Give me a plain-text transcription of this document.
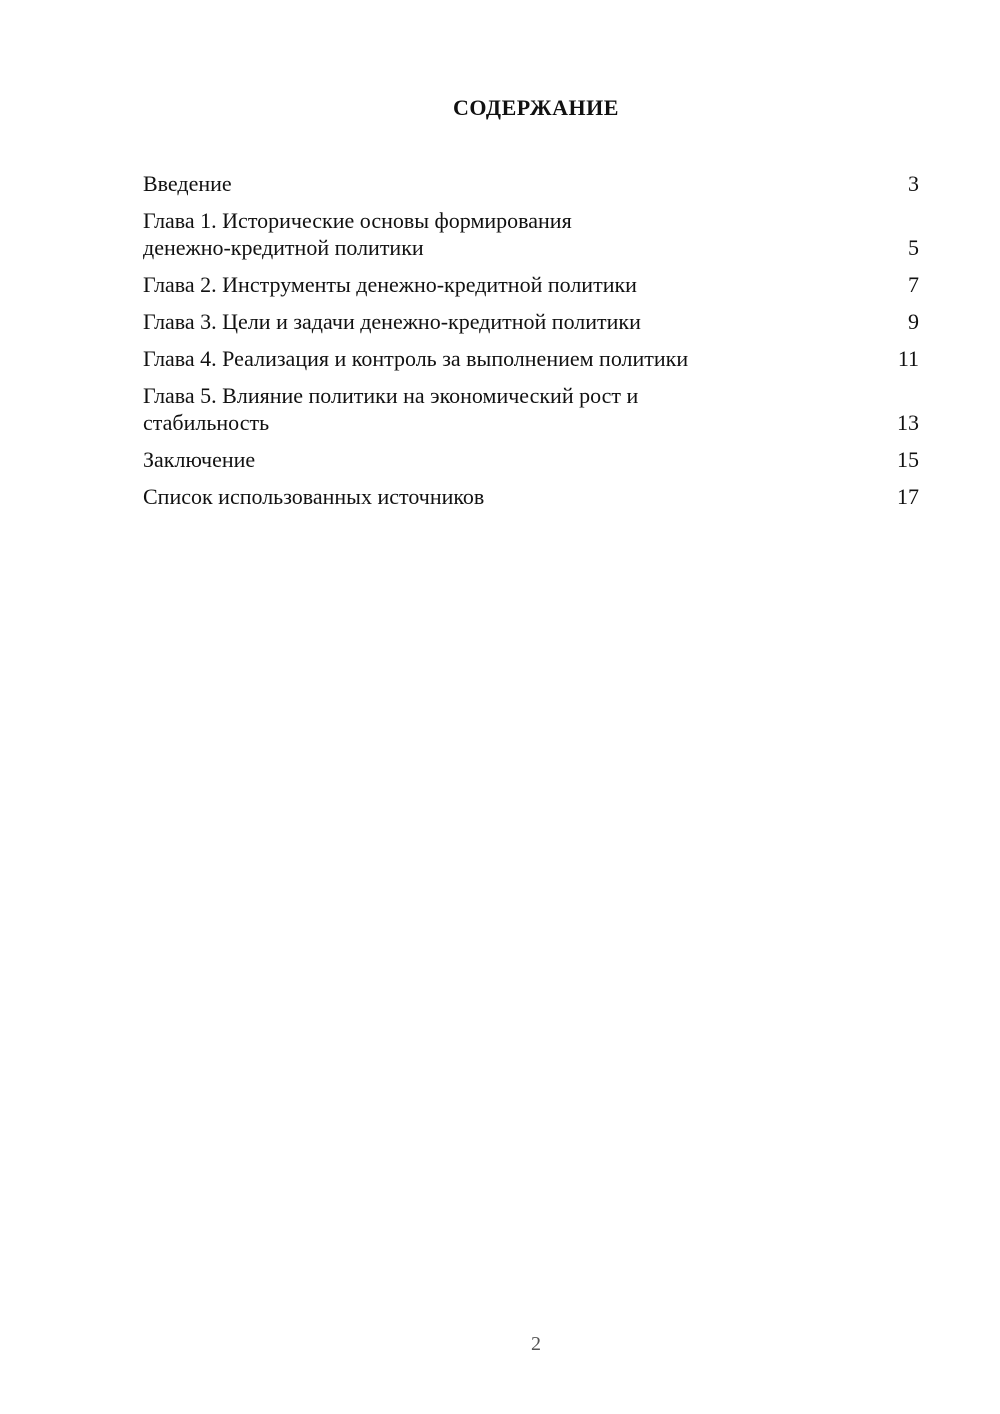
СОДЕРЖАНИЕ
Введение	3
Глава 1. Исторические основы формирования
денежно-кредитной политики	5
Глава 2. Инструменты денежно-кредитной политики	7
Глава 3. Цели и задачи денежно-кредитной политики	9
Глава 4. Реализация и контроль за выполнением политики	11
Глава 5. Влияние политики на экономический рост и
стабильность	13
Заключение	15
Список использованных источников	17
2
